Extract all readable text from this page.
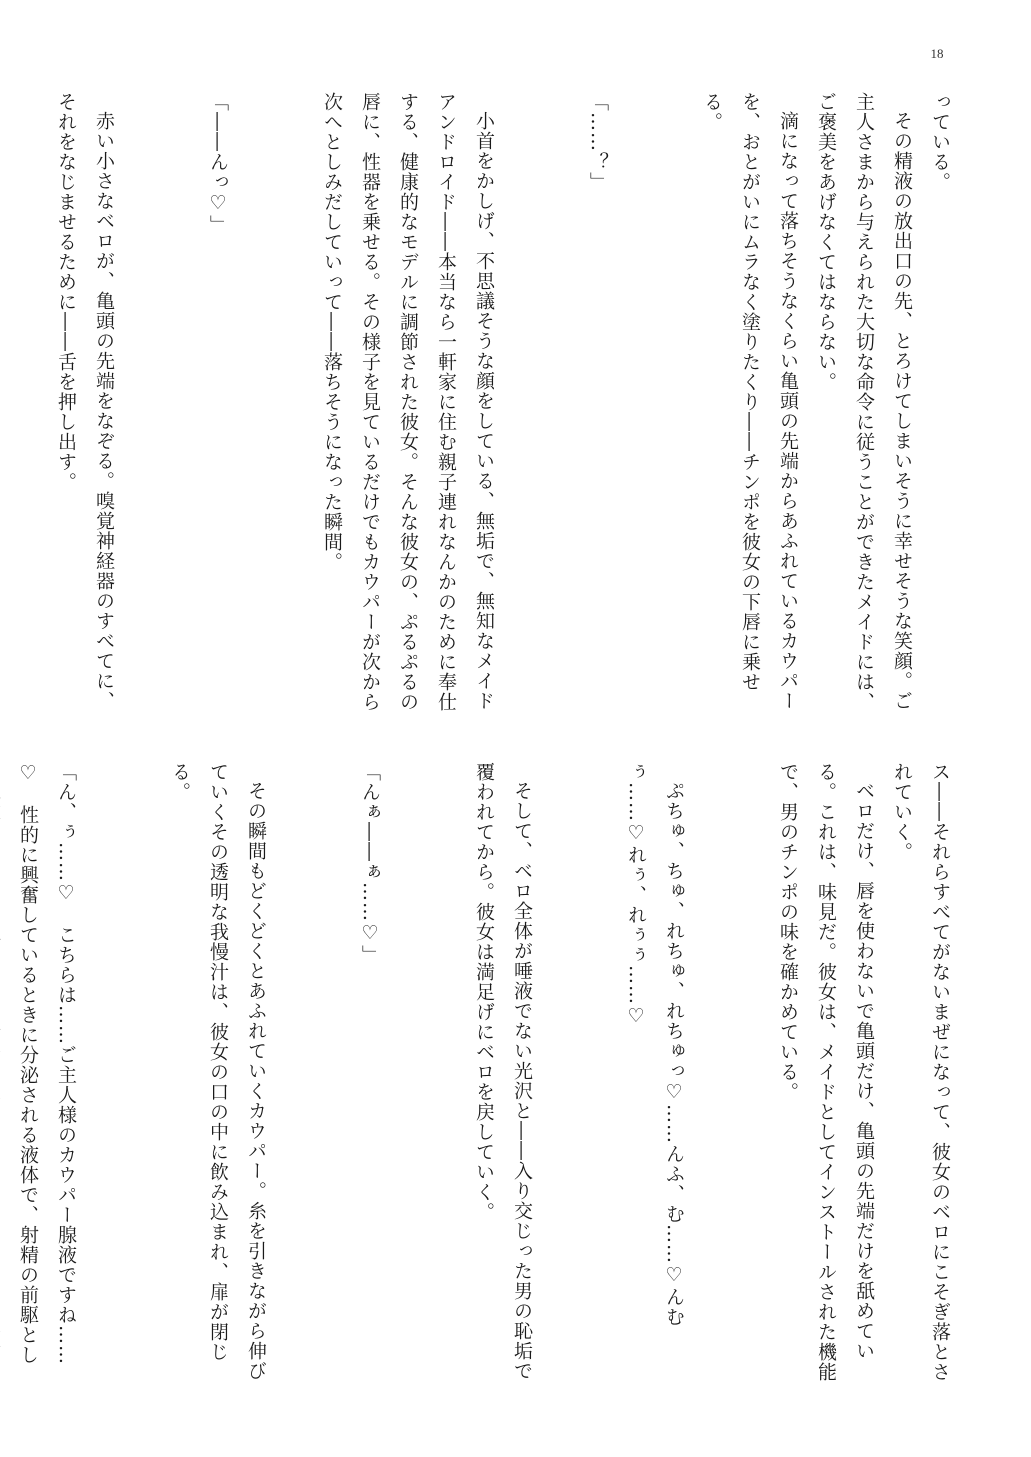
18

っている。

その精液の放出口の先、とろけてしまいそうに幸せそうな笑顔。ご主人さまから与えられた大切な命令に従うことができたメイドには、ご褒美をあげなくてはならない。

滴になって落ちそうなくらい亀頭の先端からあふれているカウパーを、おとがいにムラなく塗りたくり――チンポを彼女の下唇に乗せる。

「……？」

小首をかしげ、不思議そうな顔をしている、無垢で、無知なメイドアンドロイド――本当なら一軒家に住む親子連れなんかのために奉仕する、健康的なモデルに調節された彼女。そんな彼女の、ぷるぷるの唇に、性器を乗せる。その様子を見ているだけでもカウパーが次から次へとしみだしていって――落ちそうになった瞬間。

「――んっ♡」

赤い小さなベロが、亀頭の先端をなぞる。嗅覚神経器のすべてに、それをなじませるために――舌を押し出す。

ス――それらすべてがないまぜになって、彼女のベロにこそぎ落とされていく。

ベロだけ、唇を使わないで亀頭だけ、亀頭の先端だけを舐めている。これは、味見だ。彼女は、メイドとしてインストールされた機能で、男のチンポの味を確かめている。

ぷちゅ、ちゅ、れちゅ、れちゅっ♡……んふ、む……♡んむぅ……♡れぅ、れぅぅ……♡

そして、ベロ全体が唾液でない光沢と――入り交じった男の恥垢で覆われてから。彼女は満足げにベロを戻していく。

「んぁ――ぁ……♡」

その瞬間もどくどくとあふれていくカウパー。糸を引きながら伸びていくその透明な我慢汁は、彼女の口の中に飲み込まれ、扉が閉じる。

「ん、ぅ……♡　こちらは……ご主人様のカウパー腺液ですね……♡　性的に興奮しているときに分泌される液体で、射精の前駆とし
